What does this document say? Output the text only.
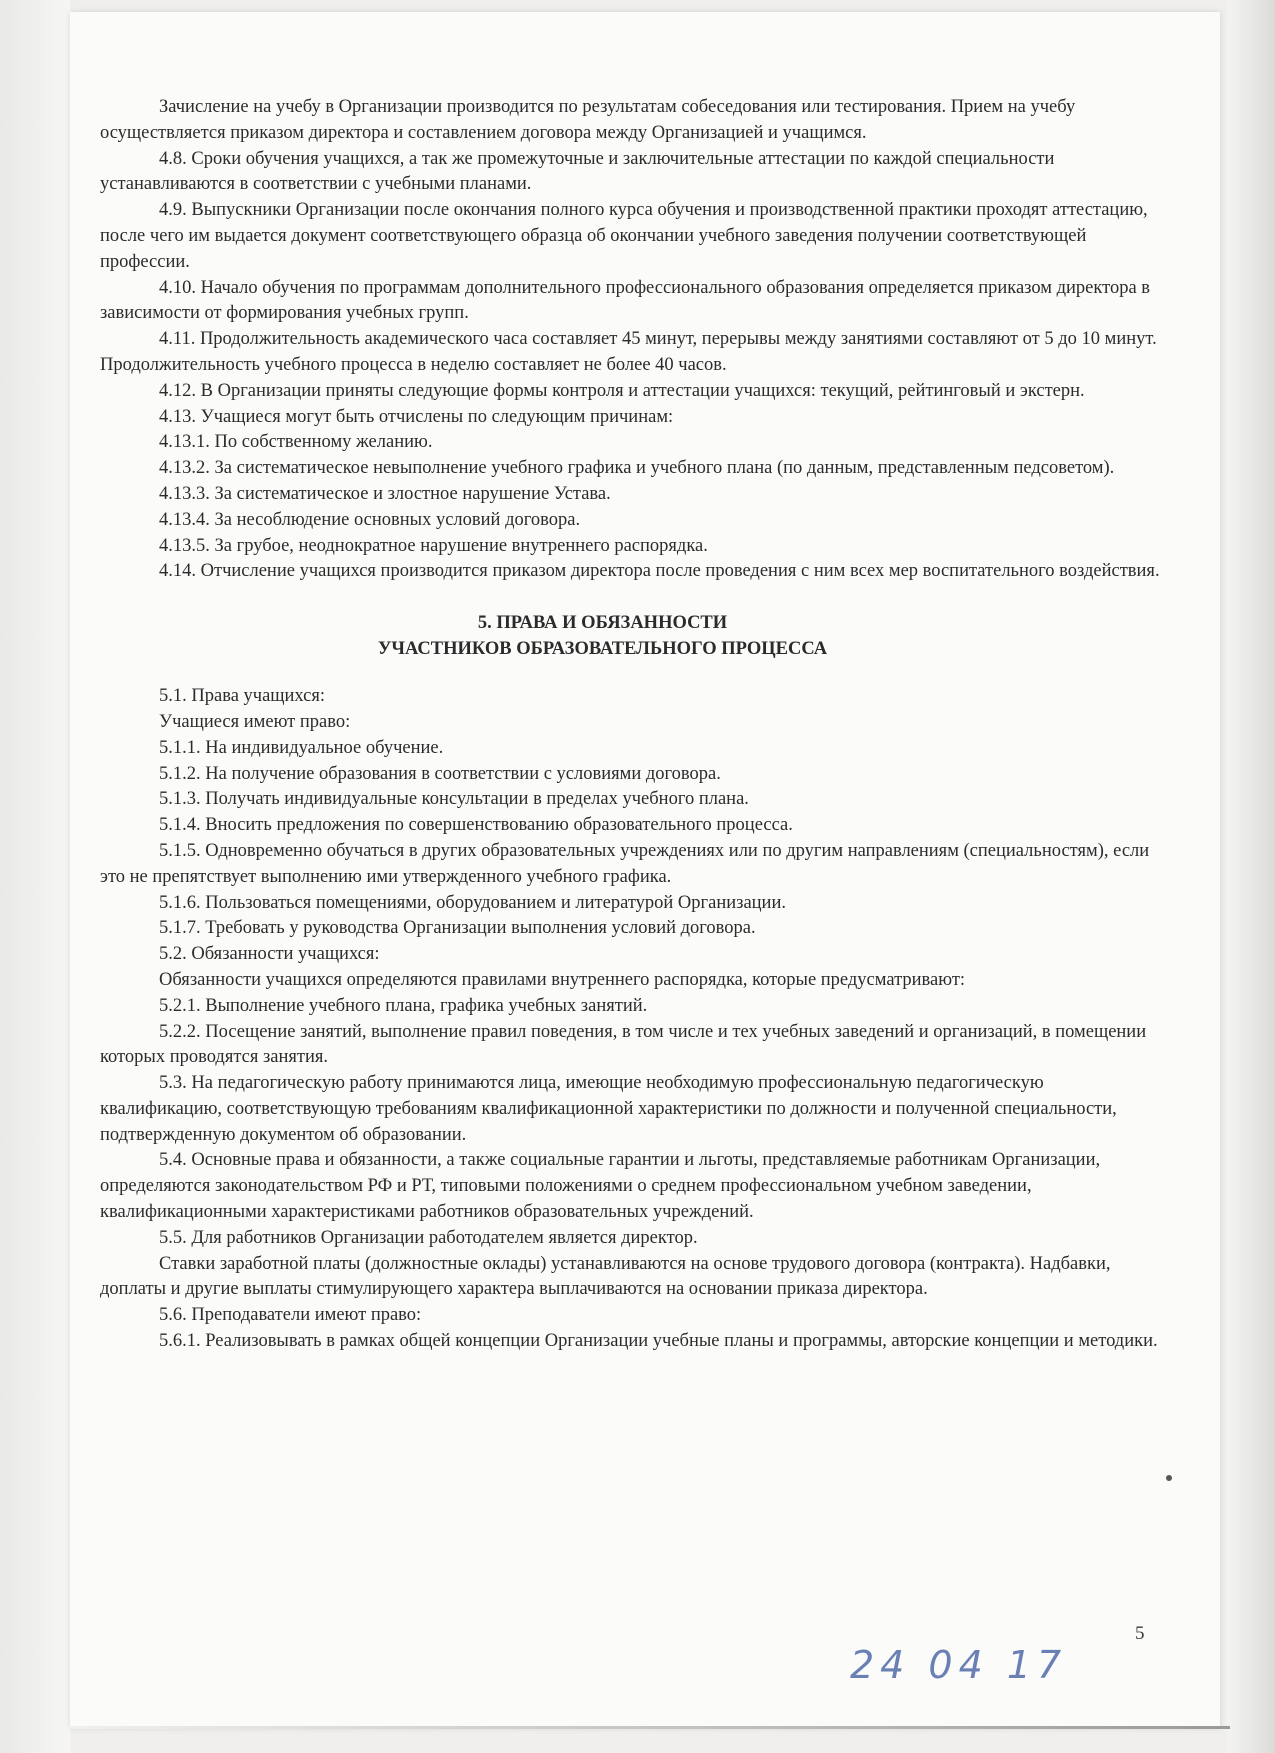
Зачисление на учебу в Организации производится по результатам собеседования или тестирования. Прием на учебу осуществляется приказом директора и составлением договора между Организацией и учащимся.

4.8. Сроки обучения учащихся, а так же промежуточные и заключительные аттестации по каждой специальности устанавливаются в соответствии с учебными планами.

4.9. Выпускники Организации после окончания полного курса обучения и производственной практики проходят аттестацию, после чего им выдается документ соответствующего образца об окончании учебного заведения получении соответствующей профессии.

4.10. Начало обучения по программам дополнительного профессионального образования определяется приказом директора в зависимости от формирования учебных групп.

4.11. Продолжительность академического часа составляет 45 минут, перерывы между занятиями составляют от 5 до 10 минут. Продолжительность учебного процесса в неделю составляет не более 40 часов.

4.12. В Организации приняты следующие формы контроля и аттестации учащихся: текущий, рейтинговый и экстерн.

4.13. Учащиеся могут быть отчислены по следующим причинам:

4.13.1. По собственному желанию.

4.13.2. За систематическое невыполнение учебного графика и учебного плана (по данным, представленным педсоветом).

4.13.3. За систематическое и злостное нарушение Устава.

4.13.4. За несоблюдение основных условий договора.

4.13.5. За грубое, неоднократное нарушение внутреннего распорядка.

4.14. Отчисление учащихся производится приказом директора после проведения с ним всех мер воспитательного воздействия.

5. ПРАВА И ОБЯЗАННОСТИ
УЧАСТНИКОВ ОБРАЗОВАТЕЛЬНОГО ПРОЦЕССА

5.1. Права учащихся:

Учащиеся имеют право:

5.1.1. На индивидуальное обучение.

5.1.2. На получение образования в соответствии с условиями договора.

5.1.3. Получать индивидуальные консультации в пределах учебного плана.

5.1.4. Вносить предложения по совершенствованию образовательного процесса.

5.1.5. Одновременно обучаться в других образовательных учреждениях или по другим направлениям (специальностям), если это не препятствует выполнению ими утвержденного учебного графика.

5.1.6. Пользоваться помещениями, оборудованием и литературой Организации.

5.1.7. Требовать у руководства Организации выполнения условий договора.

5.2. Обязанности учащихся:

Обязанности учащихся определяются правилами внутреннего распорядка, которые предусматривают:

5.2.1. Выполнение учебного плана, графика учебных занятий.

5.2.2. Посещение занятий, выполнение правил поведения, в том числе и тех учебных заведений и организаций, в помещении которых проводятся занятия.

5.3. На педагогическую работу принимаются лица, имеющие необходимую профессиональную педагогическую квалификацию, соответствующую требованиям квалификационной характеристики по должности и полученной специальности, подтвержденную документом об образовании.

5.4. Основные права и обязанности, а также социальные гарантии и льготы, представляемые работникам Организации, определяются законодательством РФ и РТ, типовыми положениями о среднем профессиональном учебном заведении, квалификационными характеристиками работников образовательных учреждений.

5.5. Для работников Организации работодателем является директор.

Ставки заработной платы (должностные оклады) устанавливаются на основе трудового договора (контракта). Надбавки, доплаты и другие выплаты стимулирующего характера выплачиваются на основании приказа директора.

5.6. Преподаватели имеют право:

5.6.1. Реализовывать в рамках общей концепции Организации учебные планы и программы, авторские концепции и методики.

24 04 17
5
